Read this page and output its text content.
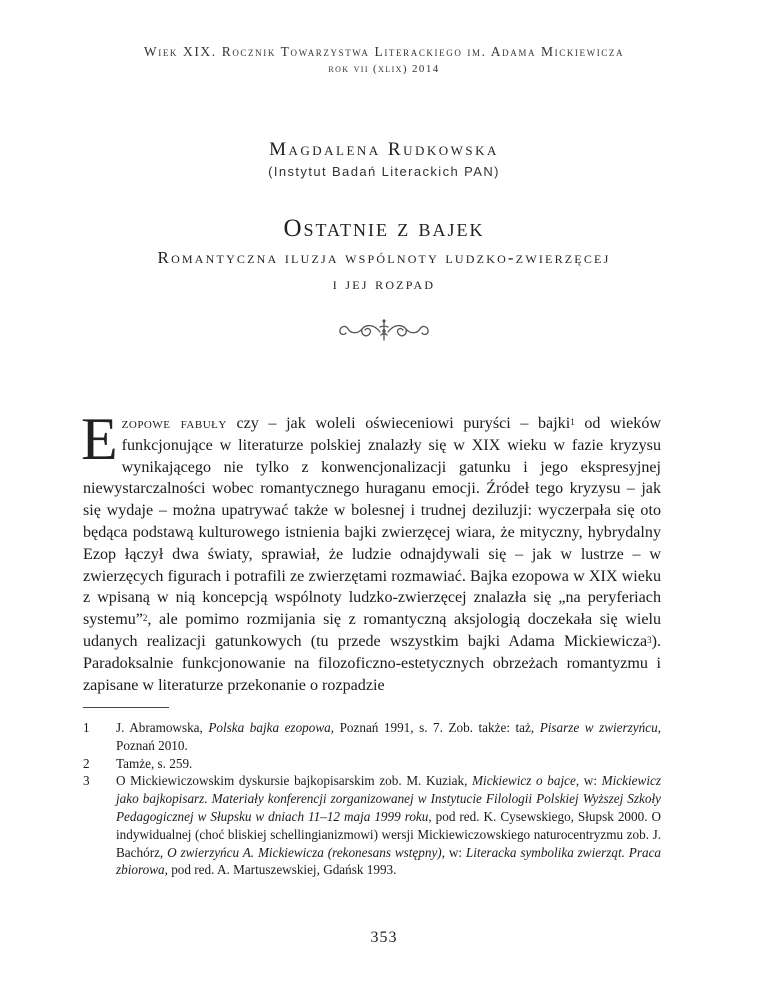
Wiek XIX. Rocznik Towarzystwa Literackiego im. Adama Mickiewicza
rok vii (xlix) 2014
Magdalena Rudkowska
(Instytut Badań Literackich PAN)
Ostatnie z bajek
Romantyczna iluzja wspólnoty ludzko-zwierzęcej
i jej rozpad

Ezopowe fabuły czy – jak woleli oświeceniowi puryści – bajki$^1$ od wieków funkcjonujące w literaturze polskiej znalazły się w XIX wieku w fazie kryzysu wynikającego nie tylko z konwencjonalizacji gatunku i jego ekspresyjnej niewystarczalności wobec romantycznego huraganu emocji. Źródeł tego kryzysu – jak się wydaje – można upatrywać także w bolesnej i trudnej deziluzji: wyczerpała się oto będąca podstawą kulturowego istnienia bajki zwierzęcej wiara, że mityczny, hybrydalny Ezop łączył dwa światy, sprawiał, że ludzie odnajdywali się – jak w lustrze – w zwierzęcych figurach i potrafili ze zwierzętami rozmawiać. Bajka ezopowa w XIX wieku z wpisaną w nią koncepcją wspólnoty ludzko-zwierzęcej znalazła się „na peryferiach systemu”$^2$, ale pomimo rozmijania się z romantyczną aksjologią doczekała się wielu udanych realizacji gatunkowych (tu przede wszystkim bajki Adama Mickiewicza$^3$). Paradoksalnie funkcjonowanie na filozoficzno-estetycznych obrzeżach romantyzmu i zapisane w literaturze przekonanie o rozpadzie

1	J. Abramowska, Polska bajka ezopowa, Poznań 1991, s. 7. Zob. także: taż, Pisarze w zwierzyńcu, Poznań 2010.
2	Tamże, s. 259.
3	O Mickiewiczowskim dyskursie bajkopisarskim zob. M. Kuziak, Mickiewicz o bajce, w: Mickiewicz jako bajkopisarz. Materiały konferencji zorganizowanej w Instytucie Filologii Polskiej Wyższej Szkoły Pedagogicznej w Słupsku w dniach 11–12 maja 1999 roku, pod red. K. Cysewskiego, Słupsk 2000. O indywidualnej (choć bliskiej schellingianizmowi) wersji Mickiewiczowskiego naturocentryzmu zob. J. Bachórz, O zwierzyńcu A. Mickiewicza (rekonesans wstępny), w: Literacka symbolika zwierząt. Praca zbiorowa, pod red. A. Martuszewskiej, Gdańsk 1993.
353
